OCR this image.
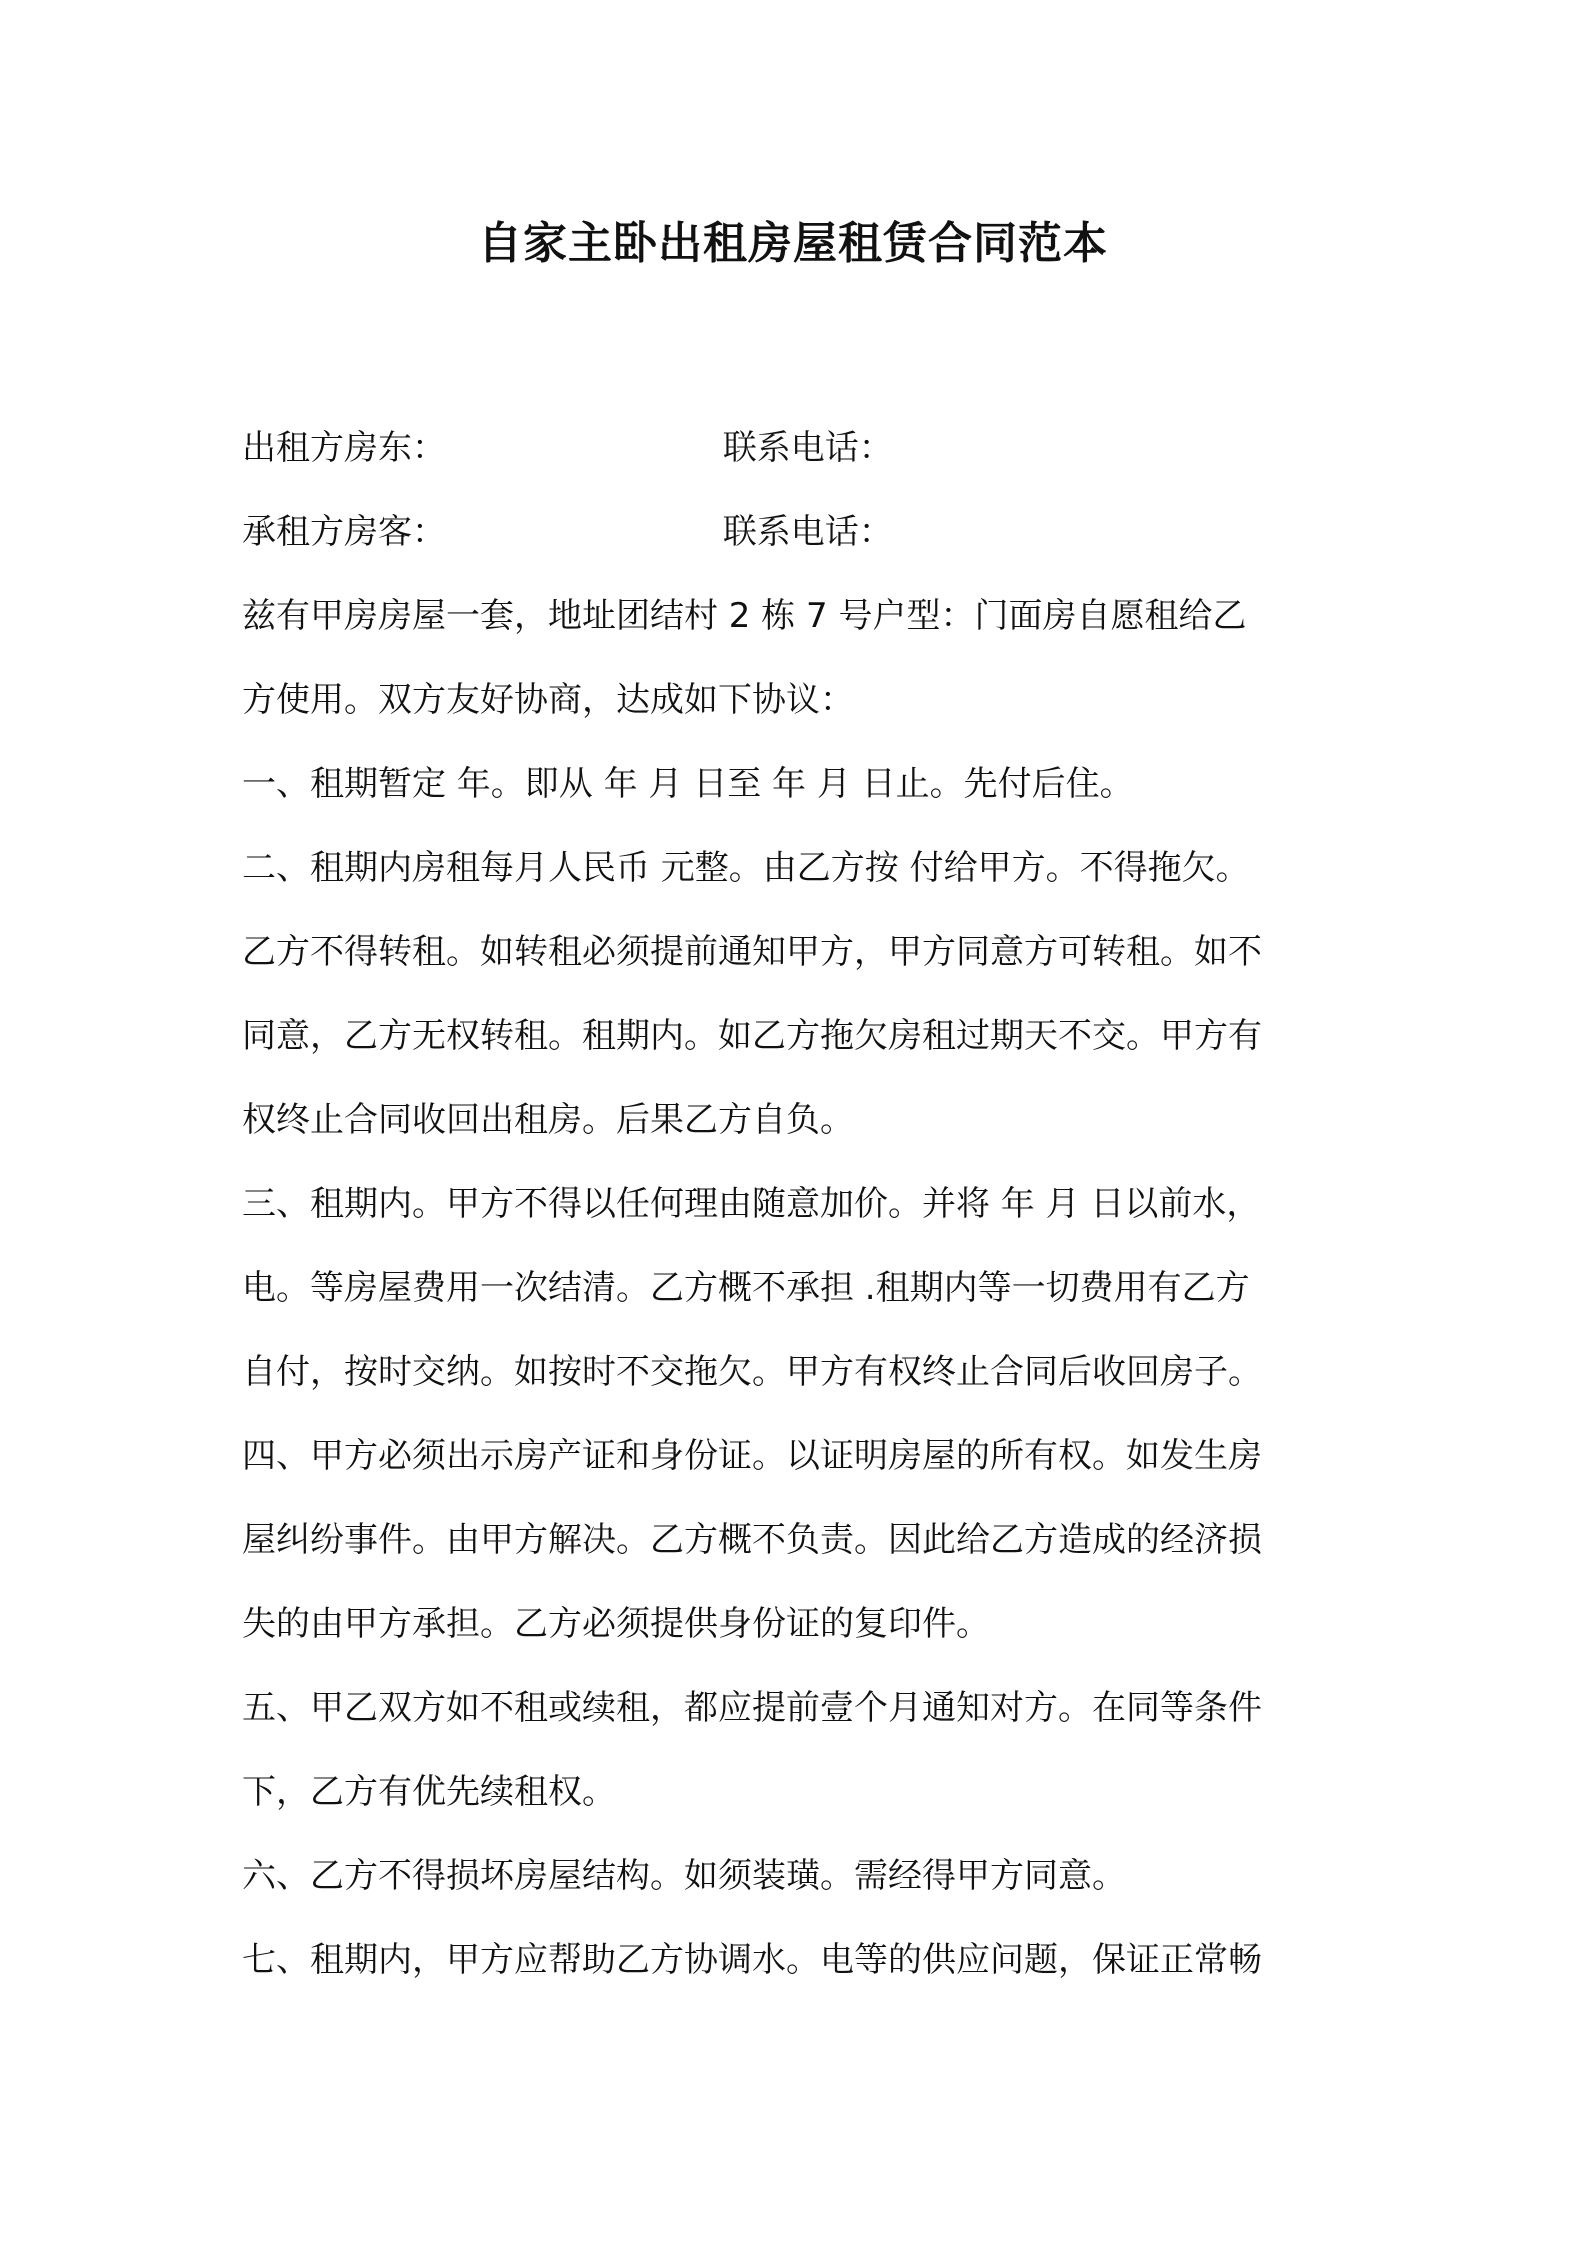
自家主卧出租房屋租赁合同范本
出租方房东：	联系电话：
承租方房客：	联系电话：
兹有甲房房屋一套，地址团结村 2 栋 7 号户型：门面房自愿租给乙
方使用。双方友好协商，达成如下协议：
一、租期暂定 年。即从 年 月 日至 年 月 日止。先付后住。
二、租期内房租每月人民币 元整。由乙方按 付给甲方。不得拖欠。
乙方不得转租。如转租必须提前通知甲方，甲方同意方可转租。如不
同意，乙方无权转租。租期内。如乙方拖欠房租过期天不交。甲方有
权终止合同收回出租房。后果乙方自负。
三、租期内。甲方不得以任何理由随意加价。并将 年 月 日以前水，
电。等房屋费用一次结清。乙方概不承担 .租期内等一切费用有乙方
自付，按时交纳。如按时不交拖欠。甲方有权终止合同后收回房子。
四、甲方必须出示房产证和身份证。以证明房屋的所有权。如发生房
屋纠纷事件。由甲方解决。乙方概不负责。因此给乙方造成的经济损
失的由甲方承担。乙方必须提供身份证的复印件。
五、甲乙双方如不租或续租，都应提前壹个月通知对方。在同等条件
下，乙方有优先续租权。
六、乙方不得损坏房屋结构。如须装璜。需经得甲方同意。
七、租期内，甲方应帮助乙方协调水。电等的供应问题，保证正常畅
